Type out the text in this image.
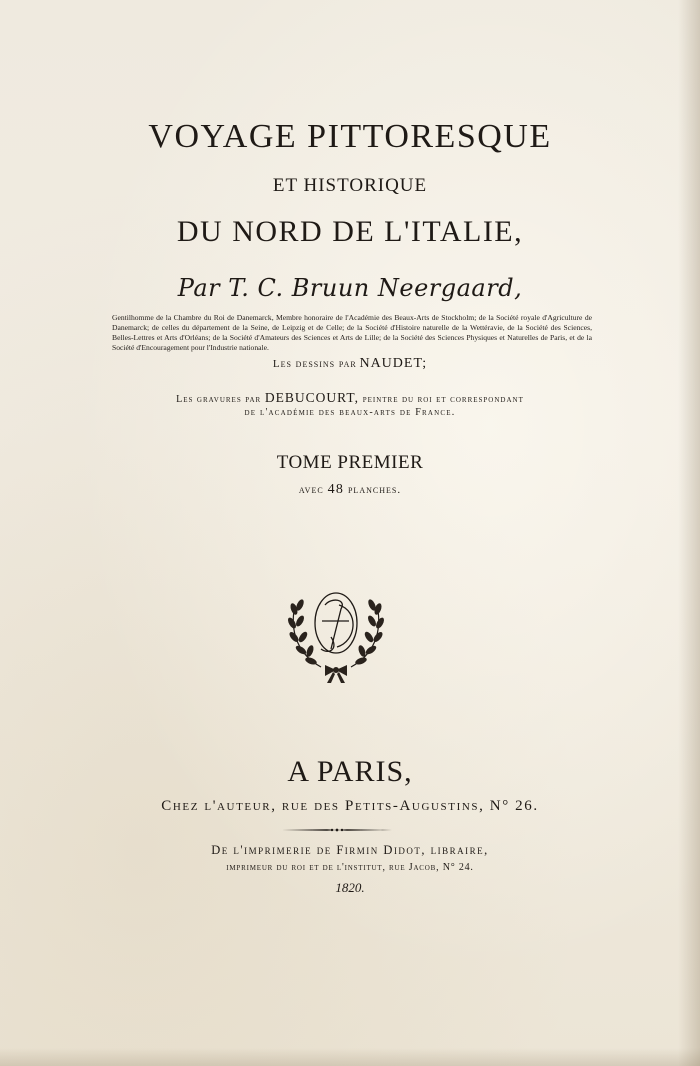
VOYAGE PITTORESQUE
ET HISTORIQUE
DU NORD DE L'ITALIE,
Par T. C. Bruun Neergaard,
Gentilhomme de la Chambre du Roi de Danemarck, Membre honoraire de l'Académie des Beaux-Arts de Stockholm; de la Société royale d'Agriculture de Danemarck; de celles du département de la Seine, de Leipzig et de Celle; de la Société d'Histoire naturelle de la Wettéravie, de la Société des Sciences, Belles-Lettres et Arts d'Orléans; de la Société d'Amateurs des Sciences et Arts de Lille; de la Société des Sciences Physiques et Naturelles de Paris, et de la Société d'Encouragement pour l'Industrie nationale.
Les dessins par NAUDET;
Les gravures par DEBUCOURT, peintre du roi et correspondant
de l'académie des beaux-arts de France.
TOME PREMIER
avec 48 planches.
A PARIS,
Chez l'auteur, rue des Petits-Augustins, N° 26.
De l'imprimerie de Firmin Didot, libraire,
imprimeur du roi et de l'institut, rue Jacob, N° 24.
1820.
